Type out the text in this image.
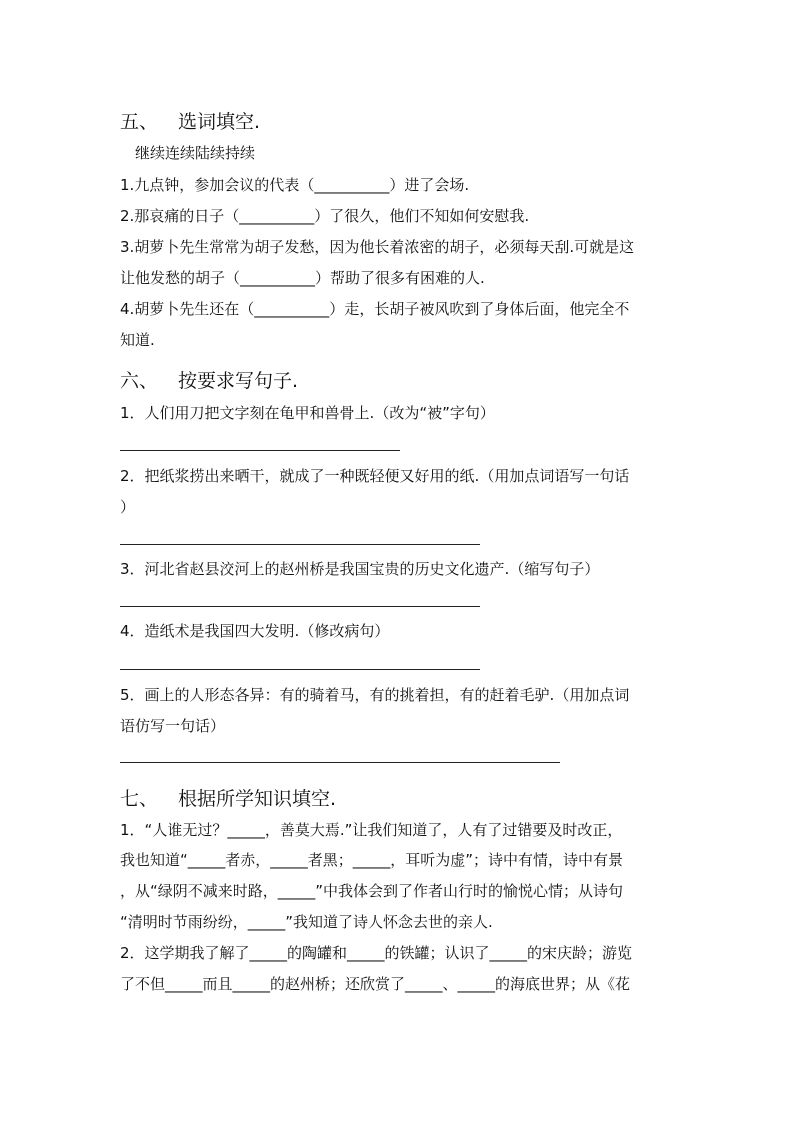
五、 选词填空.
继续连续陆续持续
1.九点钟，参加会议的代表（__________）进了会场.
2.那哀痛的日子（__________）了很久，他们不知如何安慰我.
3.胡萝卜先生常常为胡子发愁，因为他长着浓密的胡子，必须每天刮.可就是这
让他发愁的胡子（__________）帮助了很多有困难的人.
4.胡萝卜先生还在（__________）走，长胡子被风吹到了身体后面，他完全不
知道.
六、 按要求写句子.
1．人们用刀把文字刻在龟甲和兽骨上.（改为“被”字句）
2．把纸浆捞出来晒干，就成了一种既轻便又好用的纸.（用加点词语写一句话
）
3．河北省赵县洨河上的赵州桥是我国宝贵的历史文化遗产.（缩写句子）
4．造纸术是我国四大发明.（修改病句）
5．画上的人形态各异：有的骑着马，有的挑着担，有的赶着毛驴.（用加点词
语仿写一句话）
七、 根据所学知识填空.
1．“人谁无过？_____，善莫大焉.”让我们知道了，人有了过错要及时改正，
我也知道“_____者赤，_____者黑；_____，耳听为虚”；诗中有情，诗中有景
，从“绿阴不减来时路，_____”中我体会到了作者山行时的愉悦心情；从诗句
“清明时节雨纷纷，_____”我知道了诗人怀念去世的亲人.
2．这学期我了解了_____的陶罐和_____的铁罐；认识了_____的宋庆龄；游览
了不但_____而且_____的赵州桥；还欣赏了_____、_____的海底世界；从《花
